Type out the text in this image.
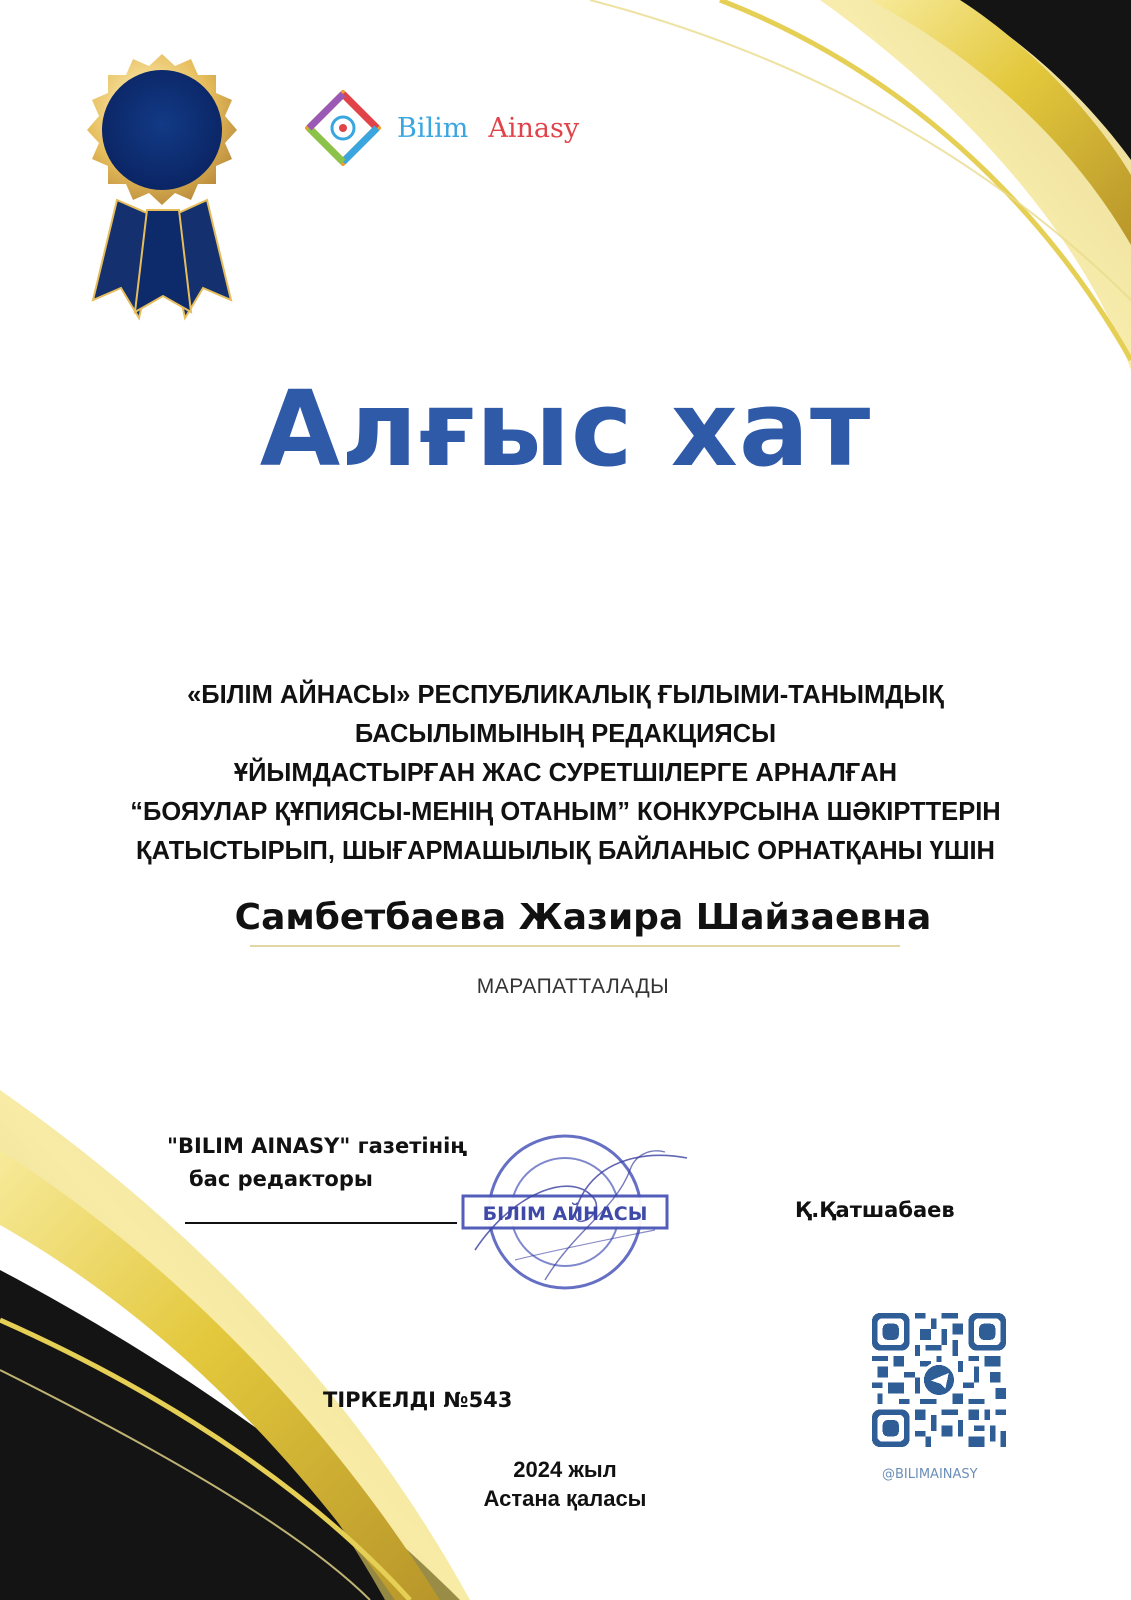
Bilim Ainasy
Алғыс хат
«БІЛІМ АЙНАСЫ» РЕСПУБЛИКАЛЫҚ ҒЫЛЫМИ-ТАНЫМДЫҚ
БАСЫЛЫМЫНЫҢ РЕДАКЦИЯСЫ
ҰЙЫМДАСТЫРҒАН ЖАС СУРЕТШІЛЕРГЕ АРНАЛҒАН
“БОЯУЛАР ҚҰПИЯСЫ-МЕНІҢ ОТАНЫМ” КОНКУРСЫНА ШӘКІРТТЕРІН
ҚАТЫСТЫРЫП, ШЫҒАРМАШЫЛЫҚ БАЙЛАНЫС ОРНАТҚАНЫ ҮШІН
Самбетбаева Жазира Шайзаевна
МАРАПАТТАЛАДЫ
"BILIM AINASY" газетінің
бас редакторы
БІЛІМ АЙНАСЫ	Қ.Қатшабаев
ТІРКЕЛДІ №543
2024 жыл
Астана қаласы
@BILIMAINASY
